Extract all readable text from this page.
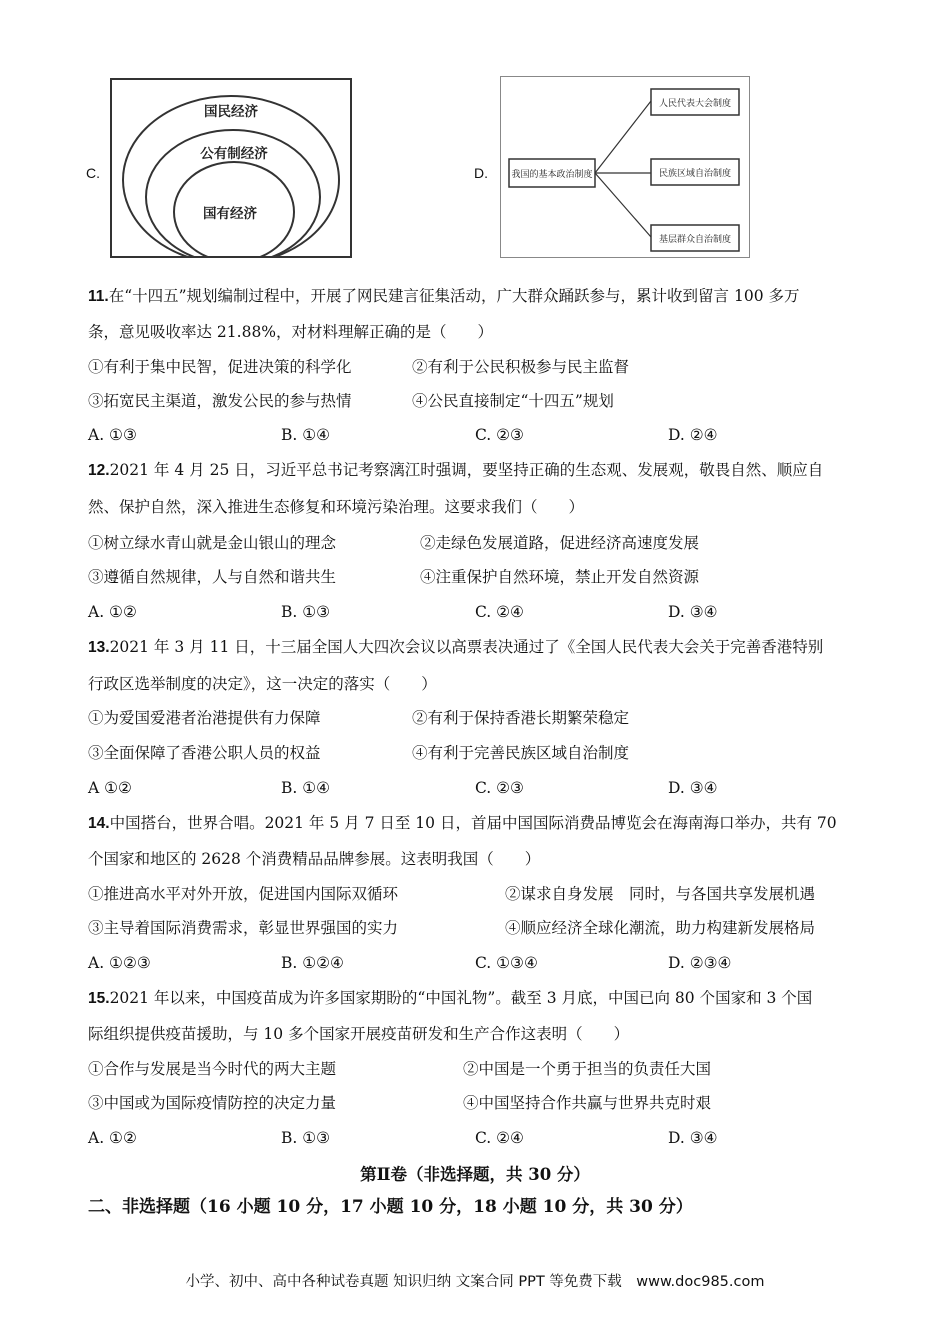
C.
国民经济
公有制经济
国有经济
D.	我国的基本政治制度
人民代表大会制度
民族区域自治制度
基层群众自治制度
11.在“十四五”规划编制过程中，开展了网民建言征集活动，广大群众踊跃参与，累计收到留言 100 多万
条，意见吸收率达 21.88%，对材料理解正确的是（　　）
①有利于集中民智，促进决策的科学化	②有利于公民积极参与民主监督
③拓宽民主渠道，激发公民的参与热情	④公民直接制定“十四五”规划
A. ①③	B. ①④	C. ②③	D. ②④
12.2021 年 4 月 25 日，习近平总书记考察漓江时强调，要坚持正确的生态观、发展观，敬畏自然、顺应自
然、保护自然，深入推进生态修复和环境污染治理。这要求我们（　　）
①树立绿水青山就是金山银山的理念	②走绿色发展道路，促进经济高速度发展
③遵循自然规律，人与自然和谐共生	④注重保护自然环境，禁止开发自然资源
A. ①②	B. ①③	C. ②④	D. ③④
13.2021 年 3 月 11 日，十三届全国人大四次会议以高票表决通过了《全国人民代表大会关于完善香港特别
行政区选举制度的决定》，这一决定的落实（　　）
①为爱国爱港者治港提供有力保障	②有利于保持香港长期繁荣稳定
③全面保障了香港公职人员的权益	④有利于完善民族区域自治制度
A ①②	B. ①④	C. ②③	D. ③④
14.中国搭台，世界合唱。2021 年 5 月 7 日至 10 日，首届中国国际消费品博览会在海南海口举办，共有 70
个国家和地区的 2628 个消费精品品牌参展。这表明我国（　　）
①推进高水平对外开放，促进国内国际双循环	②谋求自身发展　同时，与各国共享发展机遇
③主导着国际消费需求，彰显世界强国的实力	④顺应经济全球化潮流，助力构建新发展格局
A. ①②③	B. ①②④	C. ①③④	D. ②③④
15.2021 年以来，中国疫苗成为许多国家期盼的“中国礼物”。截至 3 月底，中国已向 80 个国家和 3 个国
际组织提供疫苗援助，与 10 多个国家开展疫苗研发和生产合作这表明（　　）
①合作与发展是当今时代的两大主题	②中国是一个勇于担当的负责任大国
③中国或为国际疫情防控的决定力量	④中国坚持合作共赢与世界共克时艰
A. ①②	B. ①③	C. ②④	D. ③④
第Ⅱ卷（非选择题，共 30 分）
二、非选择题（16 小题 10 分，17 小题 10 分，18 小题 10 分，共 30 分）
小学、初中、高中各种试卷真题 知识归纳 文案合同 PPT 等免费下载　www.doc985.com
